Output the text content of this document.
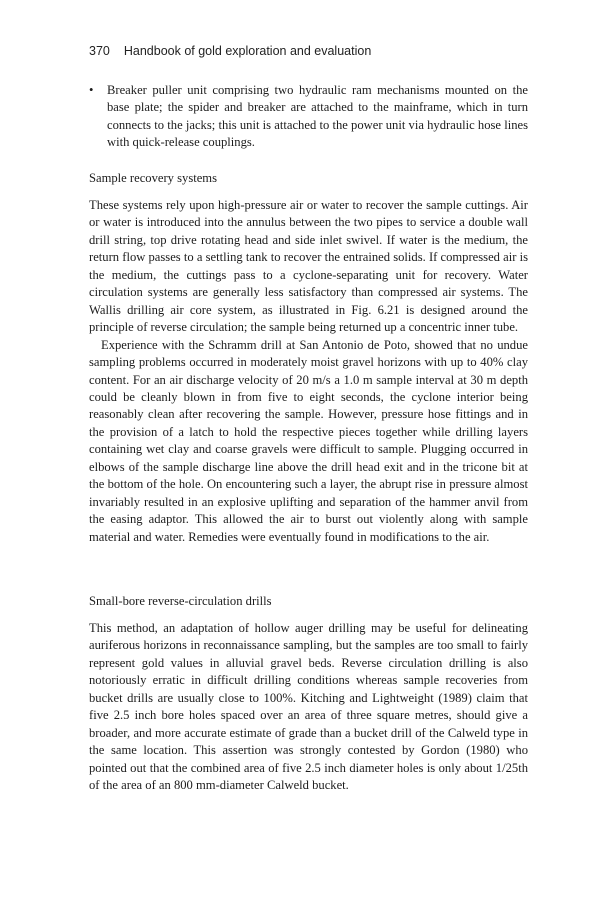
370 Handbook of gold exploration and evaluation

• Breaker puller unit comprising two hydraulic ram mechanisms mounted on the base plate; the spider and breaker are attached to the mainframe, which in turn connects to the jacks; this unit is attached to the power unit via hydraulic hose lines with quick-release couplings.

Sample recovery systems

These systems rely upon high-pressure air or water to recover the sample cuttings. Air or water is introduced into the annulus between the two pipes to service a double wall drill string, top drive rotating head and side inlet swivel. If water is the medium, the return flow passes to a settling tank to recover the entrained solids. If compressed air is the medium, the cuttings pass to a cyclone-separating unit for recovery. Water circulation systems are generally less satisfactory than compressed air systems. The Wallis drilling air core system, as illustrated in Fig. 6.21 is designed around the principle of reverse circulation; the sample being returned up a concentric inner tube.

Experience with the Schramm drill at San Antonio de Poto, showed that no undue sampling problems occurred in moderately moist gravel horizons with up to 40% clay content. For an air discharge velocity of 20 m/s a 1.0 m sample interval at 30 m depth could be cleanly blown in from five to eight seconds, the cyclone interior being reasonably clean after recovering the sample. However, pressure hose fittings and in the provision of a latch to hold the respective pieces together while drilling layers containing wet clay and coarse gravels were difficult to sample. Plugging occurred in elbows of the sample discharge line above the drill head exit and in the tricone bit at the bottom of the hole. On encountering such a layer, the abrupt rise in pressure almost invariably resulted in an explosive uplifting and separation of the hammer anvil from the easing adaptor. This allowed the air to burst out violently along with sample material and water. Remedies were eventually found in modifications to the air.

Small-bore reverse-circulation drills

This method, an adaptation of hollow auger drilling may be useful for delineating auriferous horizons in reconnaissance sampling, but the samples are too small to fairly represent gold values in alluvial gravel beds. Reverse circulation drilling is also notoriously erratic in difficult drilling conditions whereas sample recoveries from bucket drills are usually close to 100%. Kitching and Lightweight (1989) claim that five 2.5 inch bore holes spaced over an area of three square metres, should give a broader, and more accurate estimate of grade than a bucket drill of the Calweld type in the same location. This assertion was strongly contested by Gordon (1980) who pointed out that the combined area of five 2.5 inch diameter holes is only about 1/25th of the area of an 800 mm-diameter Calweld bucket.
